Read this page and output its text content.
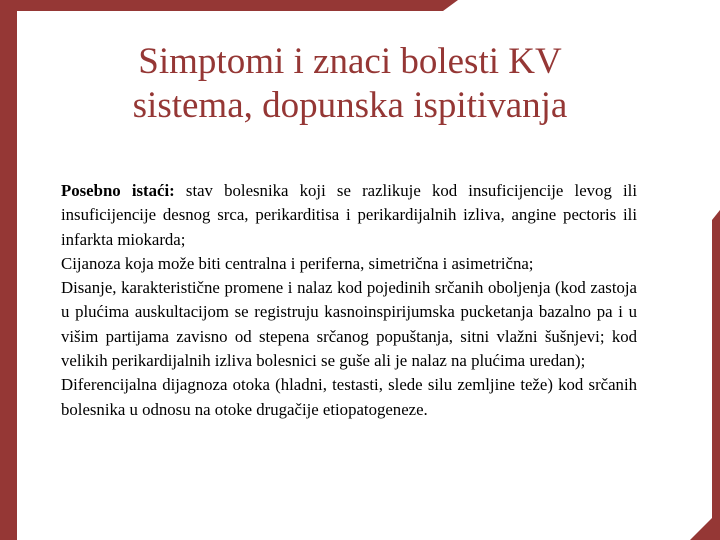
Simptomi i znaci bolesti KV
sistema, dopunska ispitivanja

Posebno istaći: stav bolesnika koji se razlikuje kod insuficijencije levog ili insuficijencije desnog srca, perikarditisa i perikardijalnih izliva, angine pectoris ili infarkta miokarda;

Cijanoza koja može biti centralna i periferna, simetrična i asimetrična;

Disanje, karakteristične promene i nalaz kod pojedinih srčanih oboljenja (kod zastoja u plućima auskultacijom se registruju kasnoinspirijumska pucketanja bazalno pa i u višim partijama zavisno od stepena srčanog popuštanja, sitni vlažni šušnjevi; kod velikih perikardijalnih izliva bolesnici se guše ali je nalaz na plućima uredan);

Diferencijalna dijagnoza otoka (hladni, testasti, slede silu zemljine teže) kod srčanih bolesnika u odnosu na otoke drugačije etiopatogeneze.
